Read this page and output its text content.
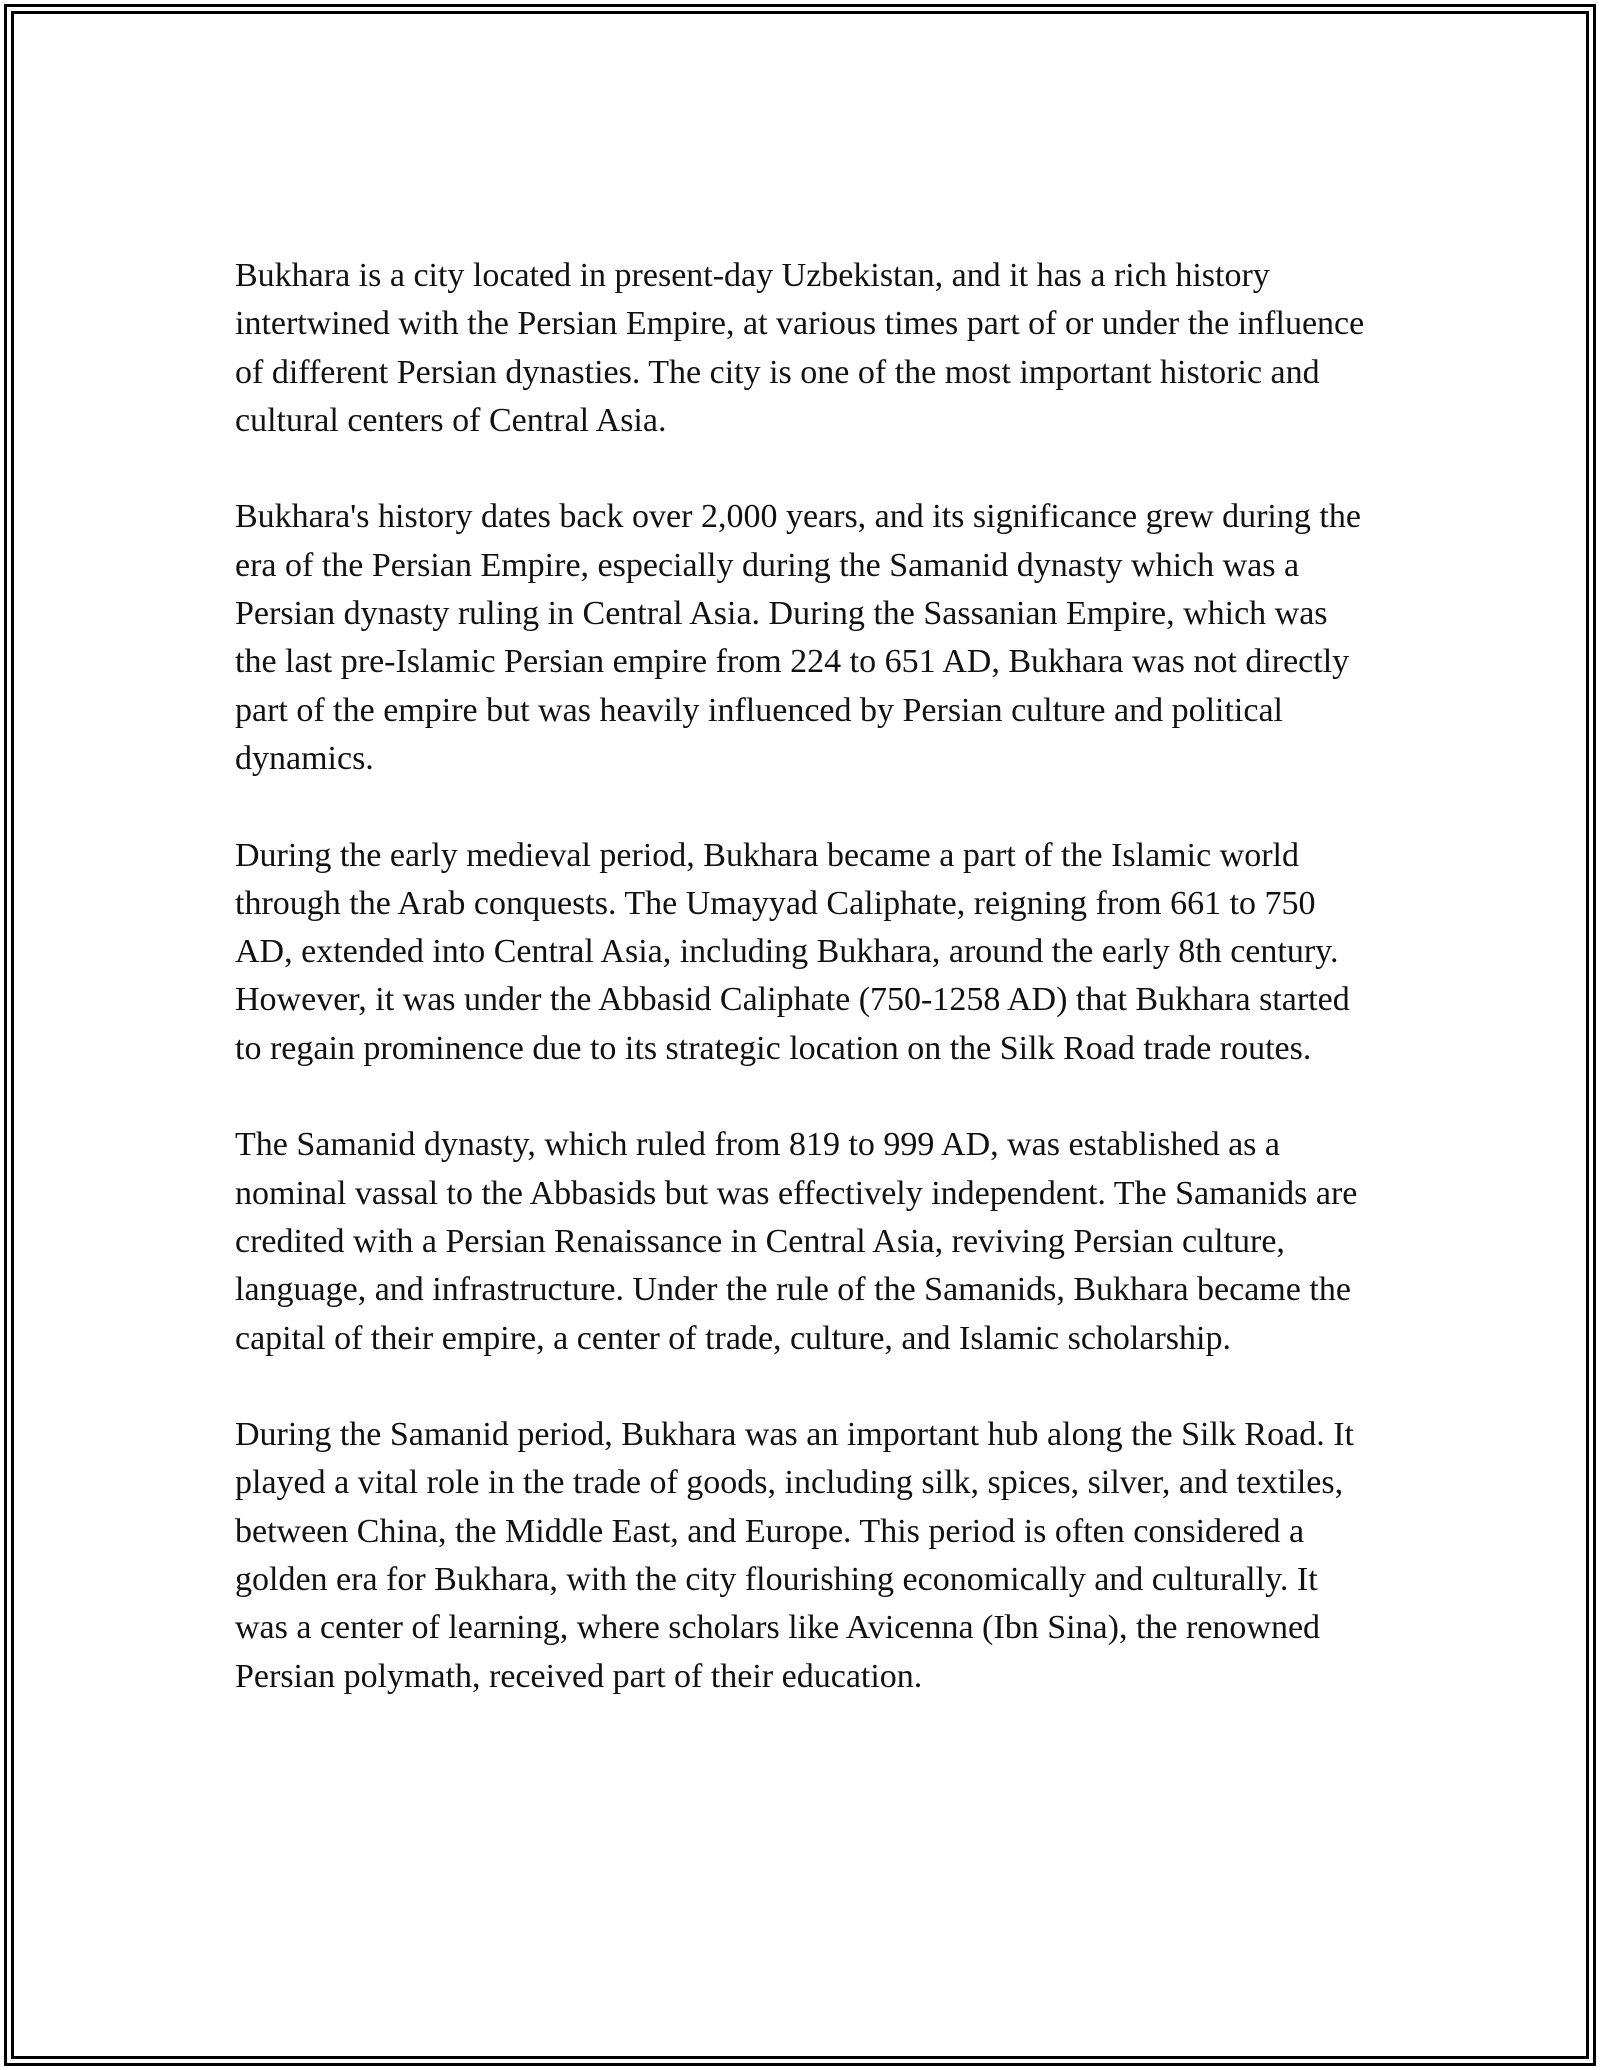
Bukhara is a city located in present-day Uzbekistan, and it has a rich history intertwined with the Persian Empire, at various times part of or under the influence of different Persian dynasties. The city is one of the most important historic and cultural centers of Central Asia.

Bukhara's history dates back over 2,000 years, and its significance grew during the era of the Persian Empire, especially during the Samanid dynasty which was a Persian dynasty ruling in Central Asia. During the Sassanian Empire, which was the last pre-Islamic Persian empire from 224 to 651 AD, Bukhara was not directly part of the empire but was heavily influenced by Persian culture and political dynamics.

During the early medieval period, Bukhara became a part of the Islamic world through the Arab conquests. The Umayyad Caliphate, reigning from 661 to 750 AD, extended into Central Asia, including Bukhara, around the early 8th century. However, it was under the Abbasid Caliphate (750-1258 AD) that Bukhara started to regain prominence due to its strategic location on the Silk Road trade routes.

The Samanid dynasty, which ruled from 819 to 999 AD, was established as a nominal vassal to the Abbasids but was effectively independent. The Samanids are credited with a Persian Renaissance in Central Asia, reviving Persian culture, language, and infrastructure. Under the rule of the Samanids, Bukhara became the capital of their empire, a center of trade, culture, and Islamic scholarship.

During the Samanid period, Bukhara was an important hub along the Silk Road. It played a vital role in the trade of goods, including silk, spices, silver, and textiles, between China, the Middle East, and Europe. This period is often considered a golden era for Bukhara, with the city flourishing economically and culturally. It was a center of learning, where scholars like Avicenna (Ibn Sina), the renowned Persian polymath, received part of their education.
